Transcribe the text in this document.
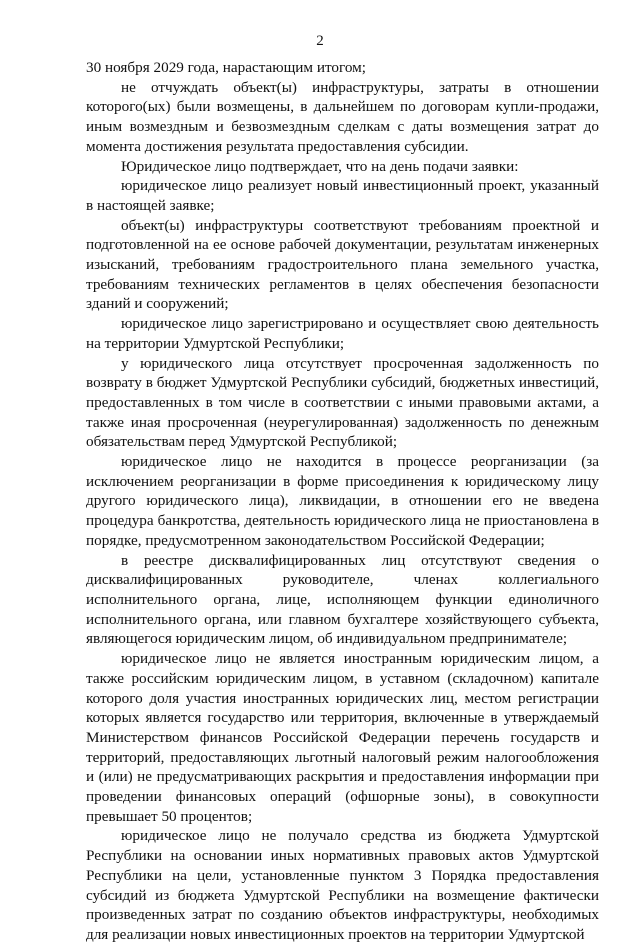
2

30 ноября 2029 года, нарастающим итогом;

не отчуждать объект(ы) инфраструктуры, затраты в отношении которого(ых) были возмещены, в дальнейшем по договорам купли-продажи, иным возмездным и безвозмездным сделкам с даты возмещения затрат до момента достижения результата предоставления субсидии.

Юридическое лицо подтверждает, что на день подачи заявки:

юридическое лицо реализует новый инвестиционный проект, указанный в настоящей заявке;

объект(ы) инфраструктуры соответствуют требованиям проектной и подготовленной на ее основе рабочей документации, результатам инженерных изысканий, требованиям градостроительного плана земельного участка, требованиям технических регламентов в целях обеспечения безопасности зданий и сооружений;

юридическое лицо зарегистрировано и осуществляет свою деятельность на территории Удмуртской Республики;

у юридического лица отсутствует просроченная задолженность по возврату в бюджет Удмуртской Республики субсидий, бюджетных инвестиций, предоставленных в том числе в соответствии с иными правовыми актами, а также иная просроченная (неурегулированная) задолженность по денежным обязательствам перед Удмуртской Республикой;

юридическое лицо не находится в процессе реорганизации (за исключением реорганизации в форме присоединения к юридическому лицу другого юридического лица), ликвидации, в отношении его не введена процедура банкротства, деятельность юридического лица не приостановлена в порядке, предусмотренном законодательством Российской Федерации;

в реестре дисквалифицированных лиц отсутствуют сведения о дисквалифицированных руководителе, членах коллегиального исполнительного органа, лице, исполняющем функции единоличного исполнительного органа, или главном бухгалтере хозяйствующего субъекта, являющегося юридическим лицом, об индивидуальном предпринимателе;

юридическое лицо не является иностранным юридическим лицом, а также российским юридическим лицом, в уставном (складочном) капитале которого доля участия иностранных юридических лиц, местом регистрации которых является государство или территория, включенные в утверждаемый Министерством финансов Российской Федерации перечень государств и территорий, предоставляющих льготный налоговый режим налогообложения и (или) не предусматривающих раскрытия и предоставления информации при проведении финансовых операций (офшорные зоны), в совокупности превышает 50 процентов;

юридическое лицо не получало средства из бюджета Удмуртской Республики на основании иных нормативных правовых актов Удмуртской Республики на цели, установленные пунктом 3 Порядка предоставления субсидий из бюджета Удмуртской Республики на возмещение фактически произведенных затрат по созданию объектов инфраструктуры, необходимых для реализации новых инвестиционных проектов на территории Удмуртской
